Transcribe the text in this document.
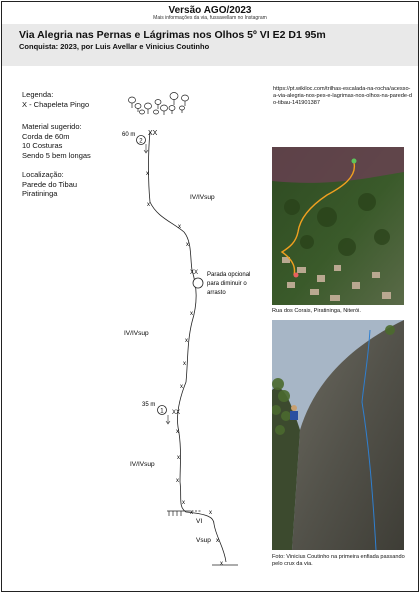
Versão AGO/2023
Mais informações da via, fussavellam no Instagram
Via Alegria nas Pernas e Lágrimas nos Olhos 5º VI E2 D1 95m
Conquista: 2023, por Luis Avellar e Vinicius Coutinho
Legenda:
X - Chapeleta Pingo
Material sugerido:
Corda de 60m
10 Costuras
Sendo 5 bem longas
Localização:
Parede do Tibau
Piratininga
60 m XX
2
x
x
x
x
XX
x
x
x
x
XX
x
x
x
x
x	x
x
x
IV/IVsup
Parada opcional
para diminuir o
arrasto
IV/IVsup
35 m
1
IV/IVsup
VI
Vsup
https://pt.wikiloc.com/trilhas-escalada-na-rocha/acesso-a-via-alegria-nos-pes-e-lagrimas-nos-olhos-na-parede-do-tibau-141901387
Rua dos Corais, Piratininga, Niterói.
Foto: Vinicius Coutinho na primeira enfiada passando pelo crux da via.
